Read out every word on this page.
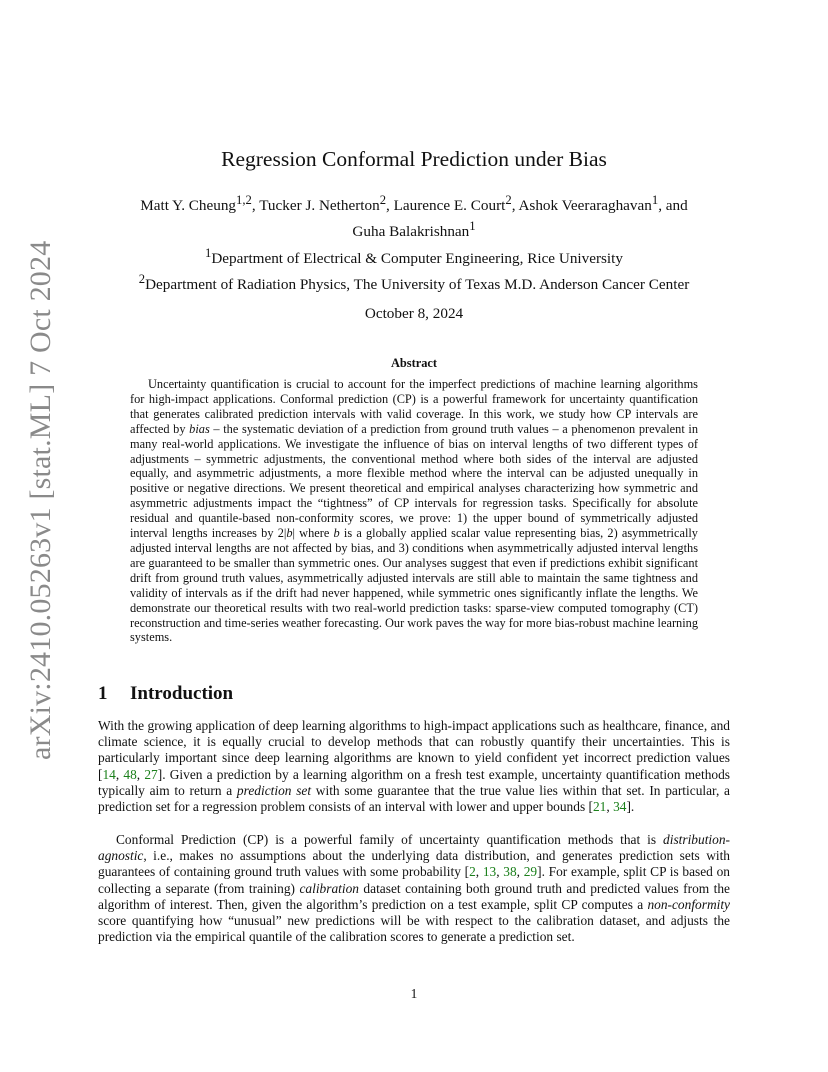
arXiv:2410.05263v1 [stat.ML] 7 Oct 2024
Regression Conformal Prediction under Bias
Matt Y. Cheung$^{1,2}$, Tucker J. Netherton$^2$, Laurence E. Court$^2$, Ashok Veeraraghavan$^1$, and
Guha Balakrishnan$^1$
$^1$Department of Electrical & Computer Engineering, Rice University
$^2$Department of Radiation Physics, The University of Texas M.D. Anderson Cancer Center
October 8, 2024
Abstract

Uncertainty quantification is crucial to account for the imperfect predictions of machine learning algorithms for high-impact applications. Conformal prediction (CP) is a powerful framework for uncertainty quantification that generates calibrated prediction intervals with valid coverage. In this work, we study how CP intervals are affected by bias – the systematic deviation of a prediction from ground truth values – a phenomenon prevalent in many real-world applications. We investigate the influence of bias on interval lengths of two different types of adjustments – symmetric adjustments, the conventional method where both sides of the interval are adjusted equally, and asymmetric adjustments, a more flexible method where the interval can be adjusted unequally in positive or negative directions. We present theoretical and empirical analyses characterizing how symmetric and asymmetric adjustments impact the “tightness” of CP intervals for regression tasks. Specifically for absolute residual and quantile-based non-conformity scores, we prove: 1) the upper bound of symmetrically adjusted interval lengths increases by 2|b| where b is a globally applied scalar value representing bias, 2) asymmetrically adjusted interval lengths are not affected by bias, and 3) conditions when asymmetrically adjusted interval lengths are guaranteed to be smaller than symmetric ones. Our analyses suggest that even if predictions exhibit significant drift from ground truth values, asymmetrically adjusted intervals are still able to maintain the same tightness and validity of intervals as if the drift had never happened, while symmetric ones significantly inflate the lengths. We demonstrate our theoretical results with two real-world prediction tasks: sparse-view computed tomography (CT) reconstruction and time-series weather forecasting. Our work paves the way for more bias-robust machine learning systems.

1 Introduction

With the growing application of deep learning algorithms to high-impact applications such as healthcare, finance, and climate science, it is equally crucial to develop methods that can robustly quantify their uncertainties. This is particularly important since deep learning algorithms are known to yield confident yet incorrect prediction values [14, 48, 27]. Given a prediction by a learning algorithm on a fresh test example, uncertainty quantification methods typically aim to return a prediction set with some guarantee that the true value lies within that set. In particular, a prediction set for a regression problem consists of an interval with lower and upper bounds [21, 34].

Conformal Prediction (CP) is a powerful family of uncertainty quantification methods that is distribution-agnostic, i.e., makes no assumptions about the underlying data distribution, and generates prediction sets with guarantees of containing ground truth values with some probability [2, 13, 38, 29]. For example, split CP is based on collecting a separate (from training) calibration dataset containing both ground truth and predicted values from the algorithm of interest. Then, given the algorithm’s prediction on a test example, split CP computes a non-conformity score quantifying how “unusual” new predictions will be with respect to the calibration dataset, and adjusts the prediction via the empirical quantile of the calibration scores to generate a prediction set.

1
